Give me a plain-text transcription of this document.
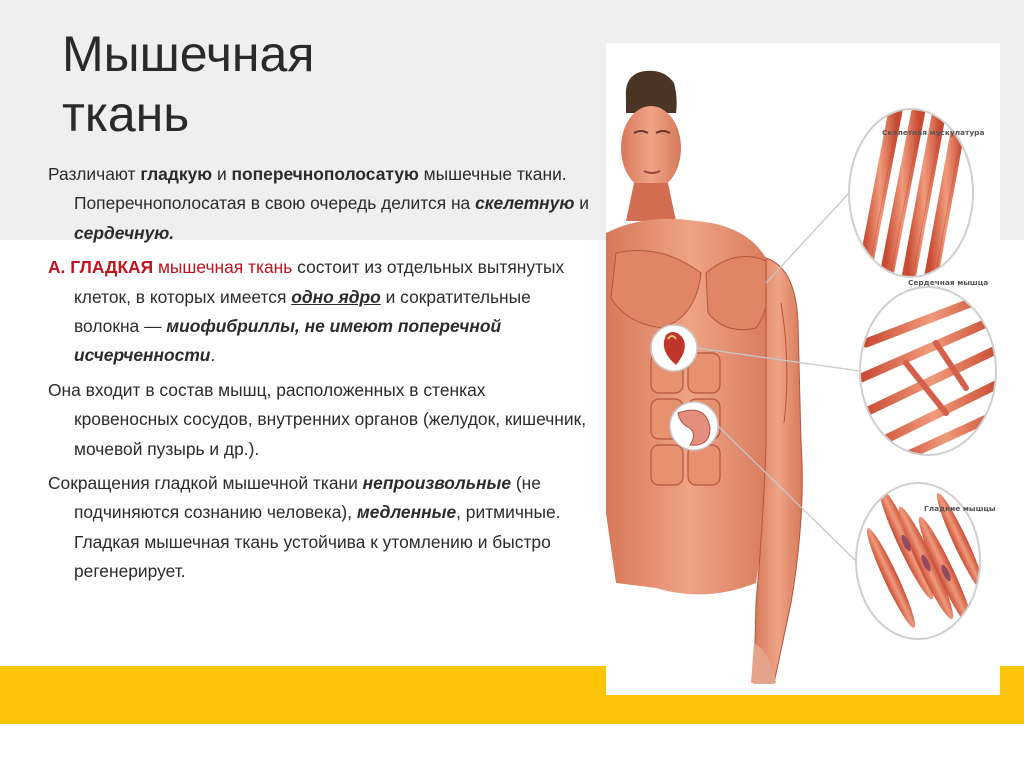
Мышечная
ткань

Различают гладкую и поперечнополосатую мышечные ткани. Поперечнополосатая в свою очередь делится на скелетную и сердечную.

А. ГЛАДКАЯ мышечная ткань состоит из отдельных вытянутых клеток, в которых имеется одно ядро и сократительные волокна — миофибриллы, не имеют поперечной исчерченности.

Она входит в состав мышц, расположенных в стенках кровеносных сосудов, внутренних органов (желудок, кишечник, мочевой пузырь и др.).

Сокращения гладкой мышечной ткани непроизвольные (не подчиняются сознанию человека), медленные, ритмичные. Гладкая мышечная ткань устойчива к утомлению и быстро регенерирует.

Скелетная мускулатура
Сердечная мышца
Гладкие мышцы
